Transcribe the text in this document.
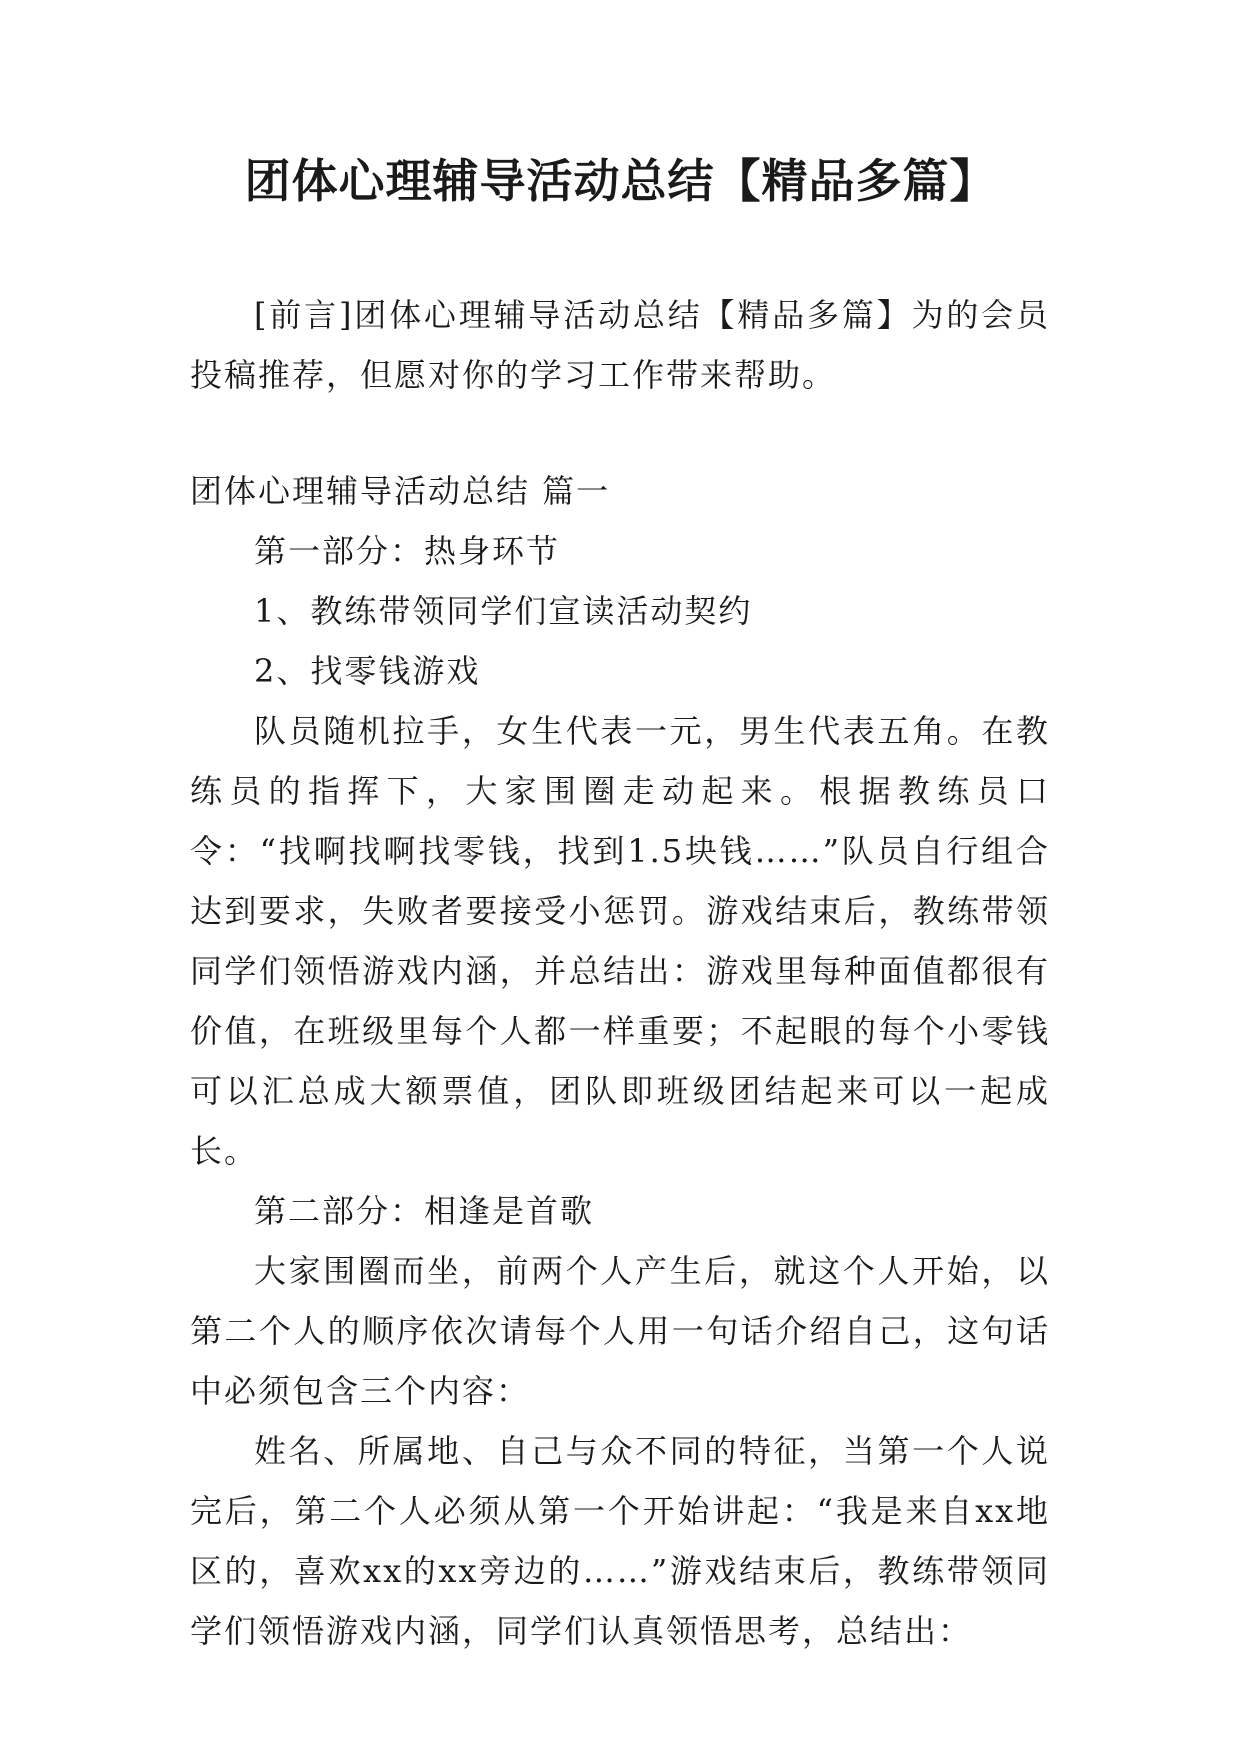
团体心理辅导活动总结【精品多篇】

[前言]团体心理辅导活动总结【精品多篇】为的会员投稿推荐，但愿对你的学习工作带来帮助。

团体心理辅导活动总结 篇一

第一部分：热身环节

1、教练带领同学们宣读活动契约

2、找零钱游戏

队员随机拉手，女生代表一元，男生代表五角。在教练员的指挥下，大家围圈走动起来。根据教练员口令：“找啊找啊找零钱，找到1.5块钱……”队员自行组合达到要求，失败者要接受小惩罚。游戏结束后，教练带领同学们领悟游戏内涵，并总结出：游戏里每种面值都很有价值，在班级里每个人都一样重要；不起眼的每个小零钱可以汇总成大额票值，团队即班级团结起来可以一起成长。

第二部分：相逢是首歌

大家围圈而坐，前两个人产生后，就这个人开始，以第二个人的顺序依次请每个人用一句话介绍自己，这句话中必须包含三个内容：

姓名、所属地、自己与众不同的特征，当第一个人说完后，第二个人必须从第一个开始讲起：“我是来自xx地区的，喜欢xx的xx旁边的……”游戏结束后，教练带领同学们领悟游戏内涵，同学们认真领悟思考，总结出：
